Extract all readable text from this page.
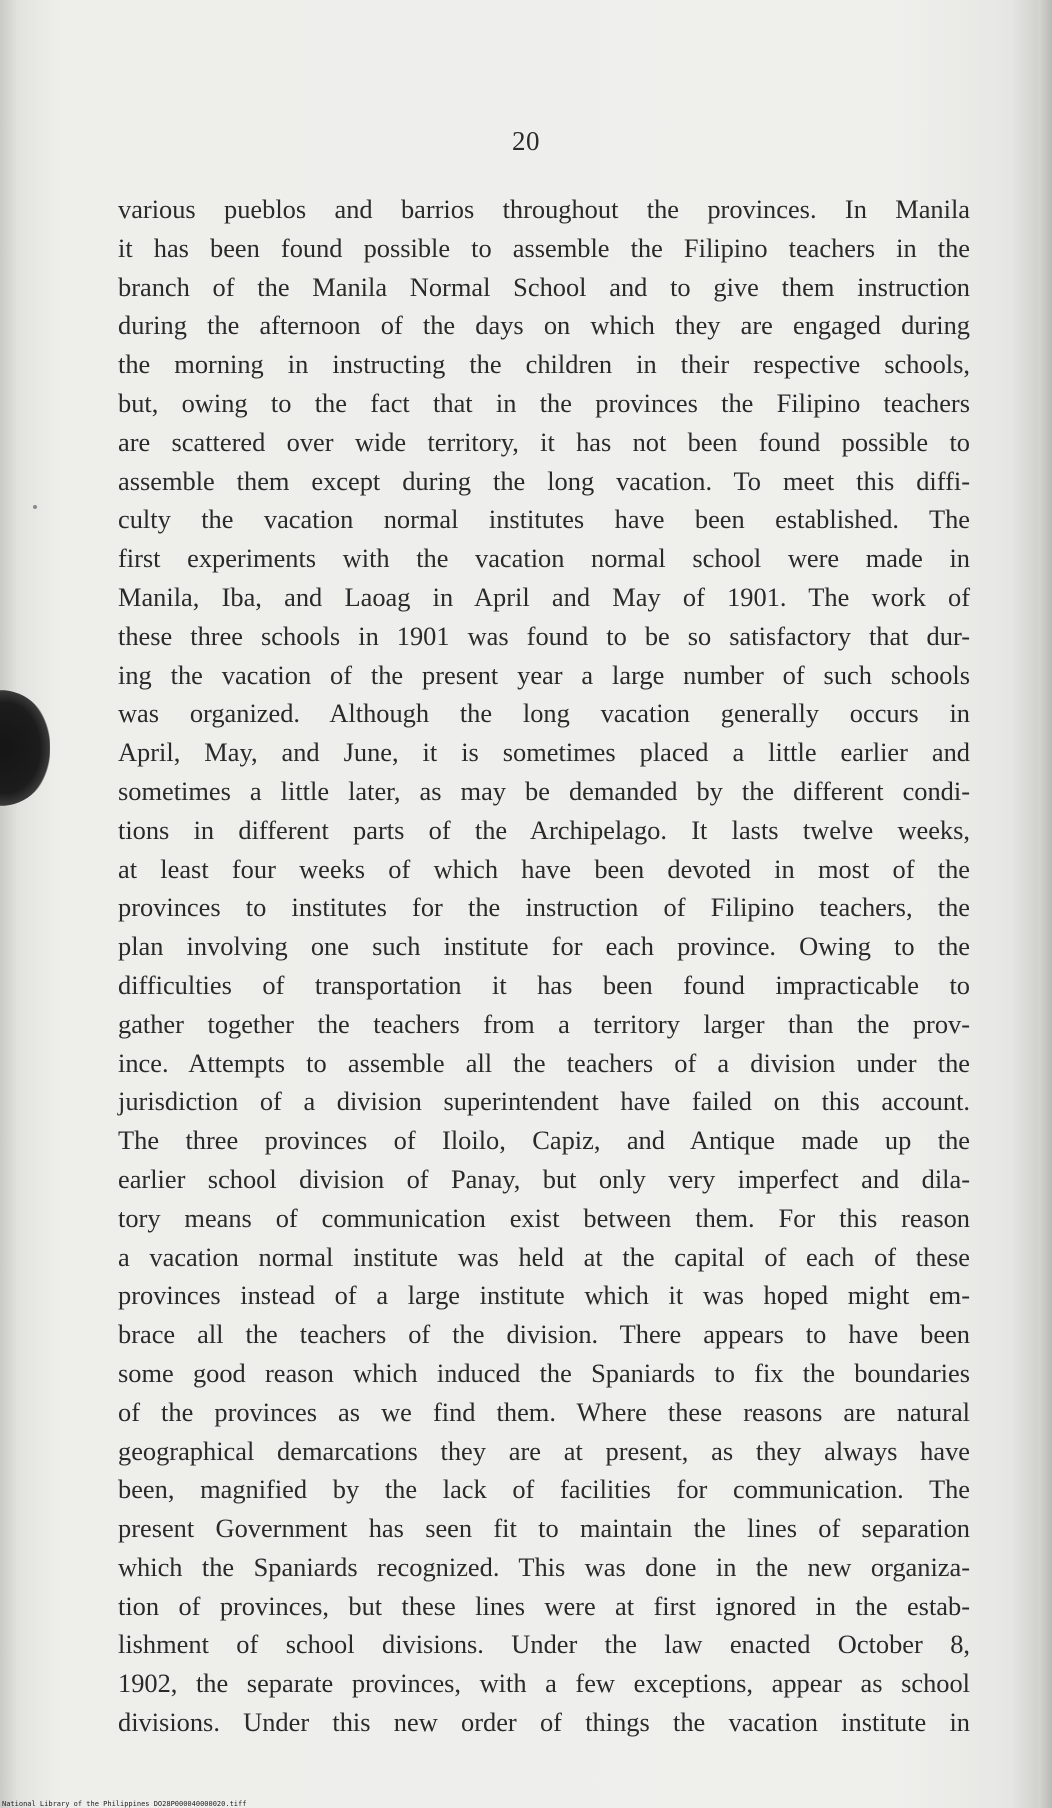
20
various pueblos and barrios throughout the provinces. In Manila
it has been found possible to assemble the Filipino teachers in the
branch of the Manila Normal School and to give them instruction
during the afternoon of the days on which they are engaged during
the morning in instructing the children in their respective schools,
but, owing to the fact that in the provinces the Filipino teachers
are scattered over wide territory, it has not been found possible to
assemble them except during the long vacation. To meet this diffi-
culty the vacation normal institutes have been established. The
first experiments with the vacation normal school were made in
Manila, Iba, and Laoag in April and May of 1901. The work of
these three schools in 1901 was found to be so satisfactory that dur-
ing the vacation of the present year a large number of such schools
was organized. Although the long vacation generally occurs in
April, May, and June, it is sometimes placed a little earlier and
sometimes a little later, as may be demanded by the different condi-
tions in different parts of the Archipelago. It lasts twelve weeks,
at least four weeks of which have been devoted in most of the
provinces to institutes for the instruction of Filipino teachers, the
plan involving one such institute for each province. Owing to the
difficulties of transportation it has been found impracticable to
gather together the teachers from a territory larger than the prov-
ince. Attempts to assemble all the teachers of a division under the
jurisdiction of a division superintendent have failed on this account.
The three provinces of Iloilo, Capiz, and Antique made up the
earlier school division of Panay, but only very imperfect and dila-
tory means of communication exist between them. For this reason
a vacation normal institute was held at the capital of each of these
provinces instead of a large institute which it was hoped might em-
brace all the teachers of the division. There appears to have been
some good reason which induced the Spaniards to fix the boundaries
of the provinces as we find them. Where these reasons are natural
geographical demarcations they are at present, as they always have
been, magnified by the lack of facilities for communication. The
present Government has seen fit to maintain the lines of separation
which the Spaniards recognized. This was done in the new organiza-
tion of provinces, but these lines were at first ignored in the estab-
lishment of school divisions. Under the law enacted October 8,
1902, the separate provinces, with a few exceptions, appear as school
divisions. Under this new order of things the vacation institute in
National Library of the Philippines DO28P000040000020.tiff
